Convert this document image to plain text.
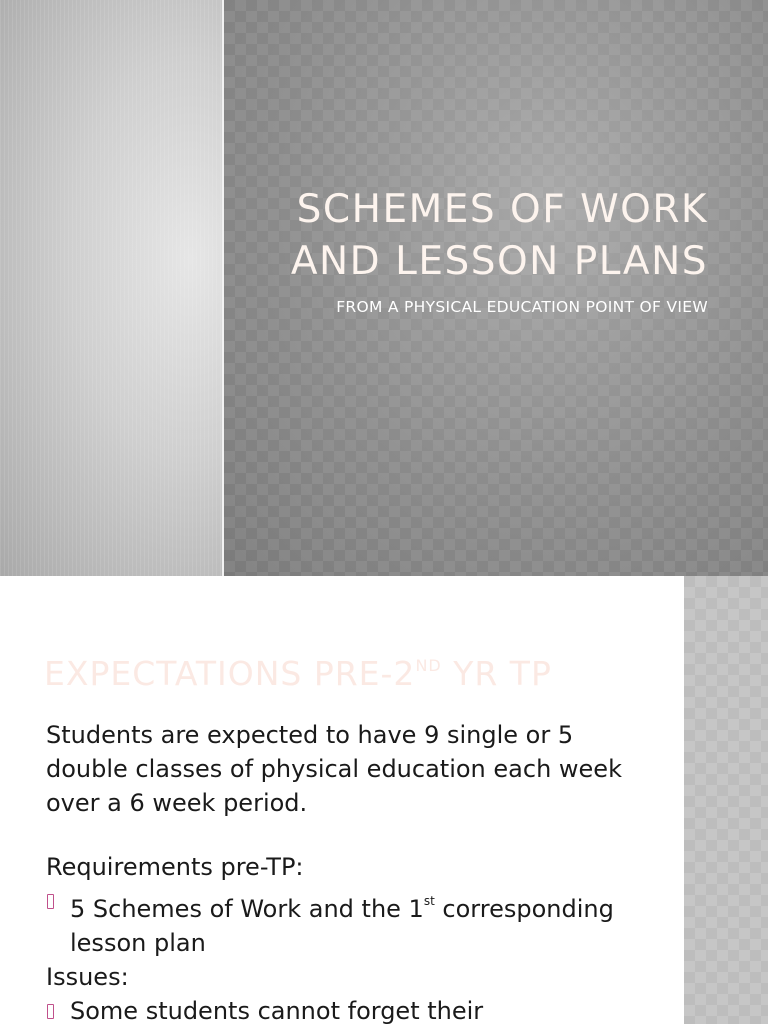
SCHEMES OF WORK
AND LESSON PLANS

FROM A PHYSICAL EDUCATION POINT OF VIEW

EXPECTATIONS PRE-2ND YR TP

Students are expected to have 9 single or 5 double classes of physical education each week over a 6 week period.

Requirements pre-TP:

5 Schemes of Work and the 1st corresponding lesson plan

Issues:

Some students cannot forget their
